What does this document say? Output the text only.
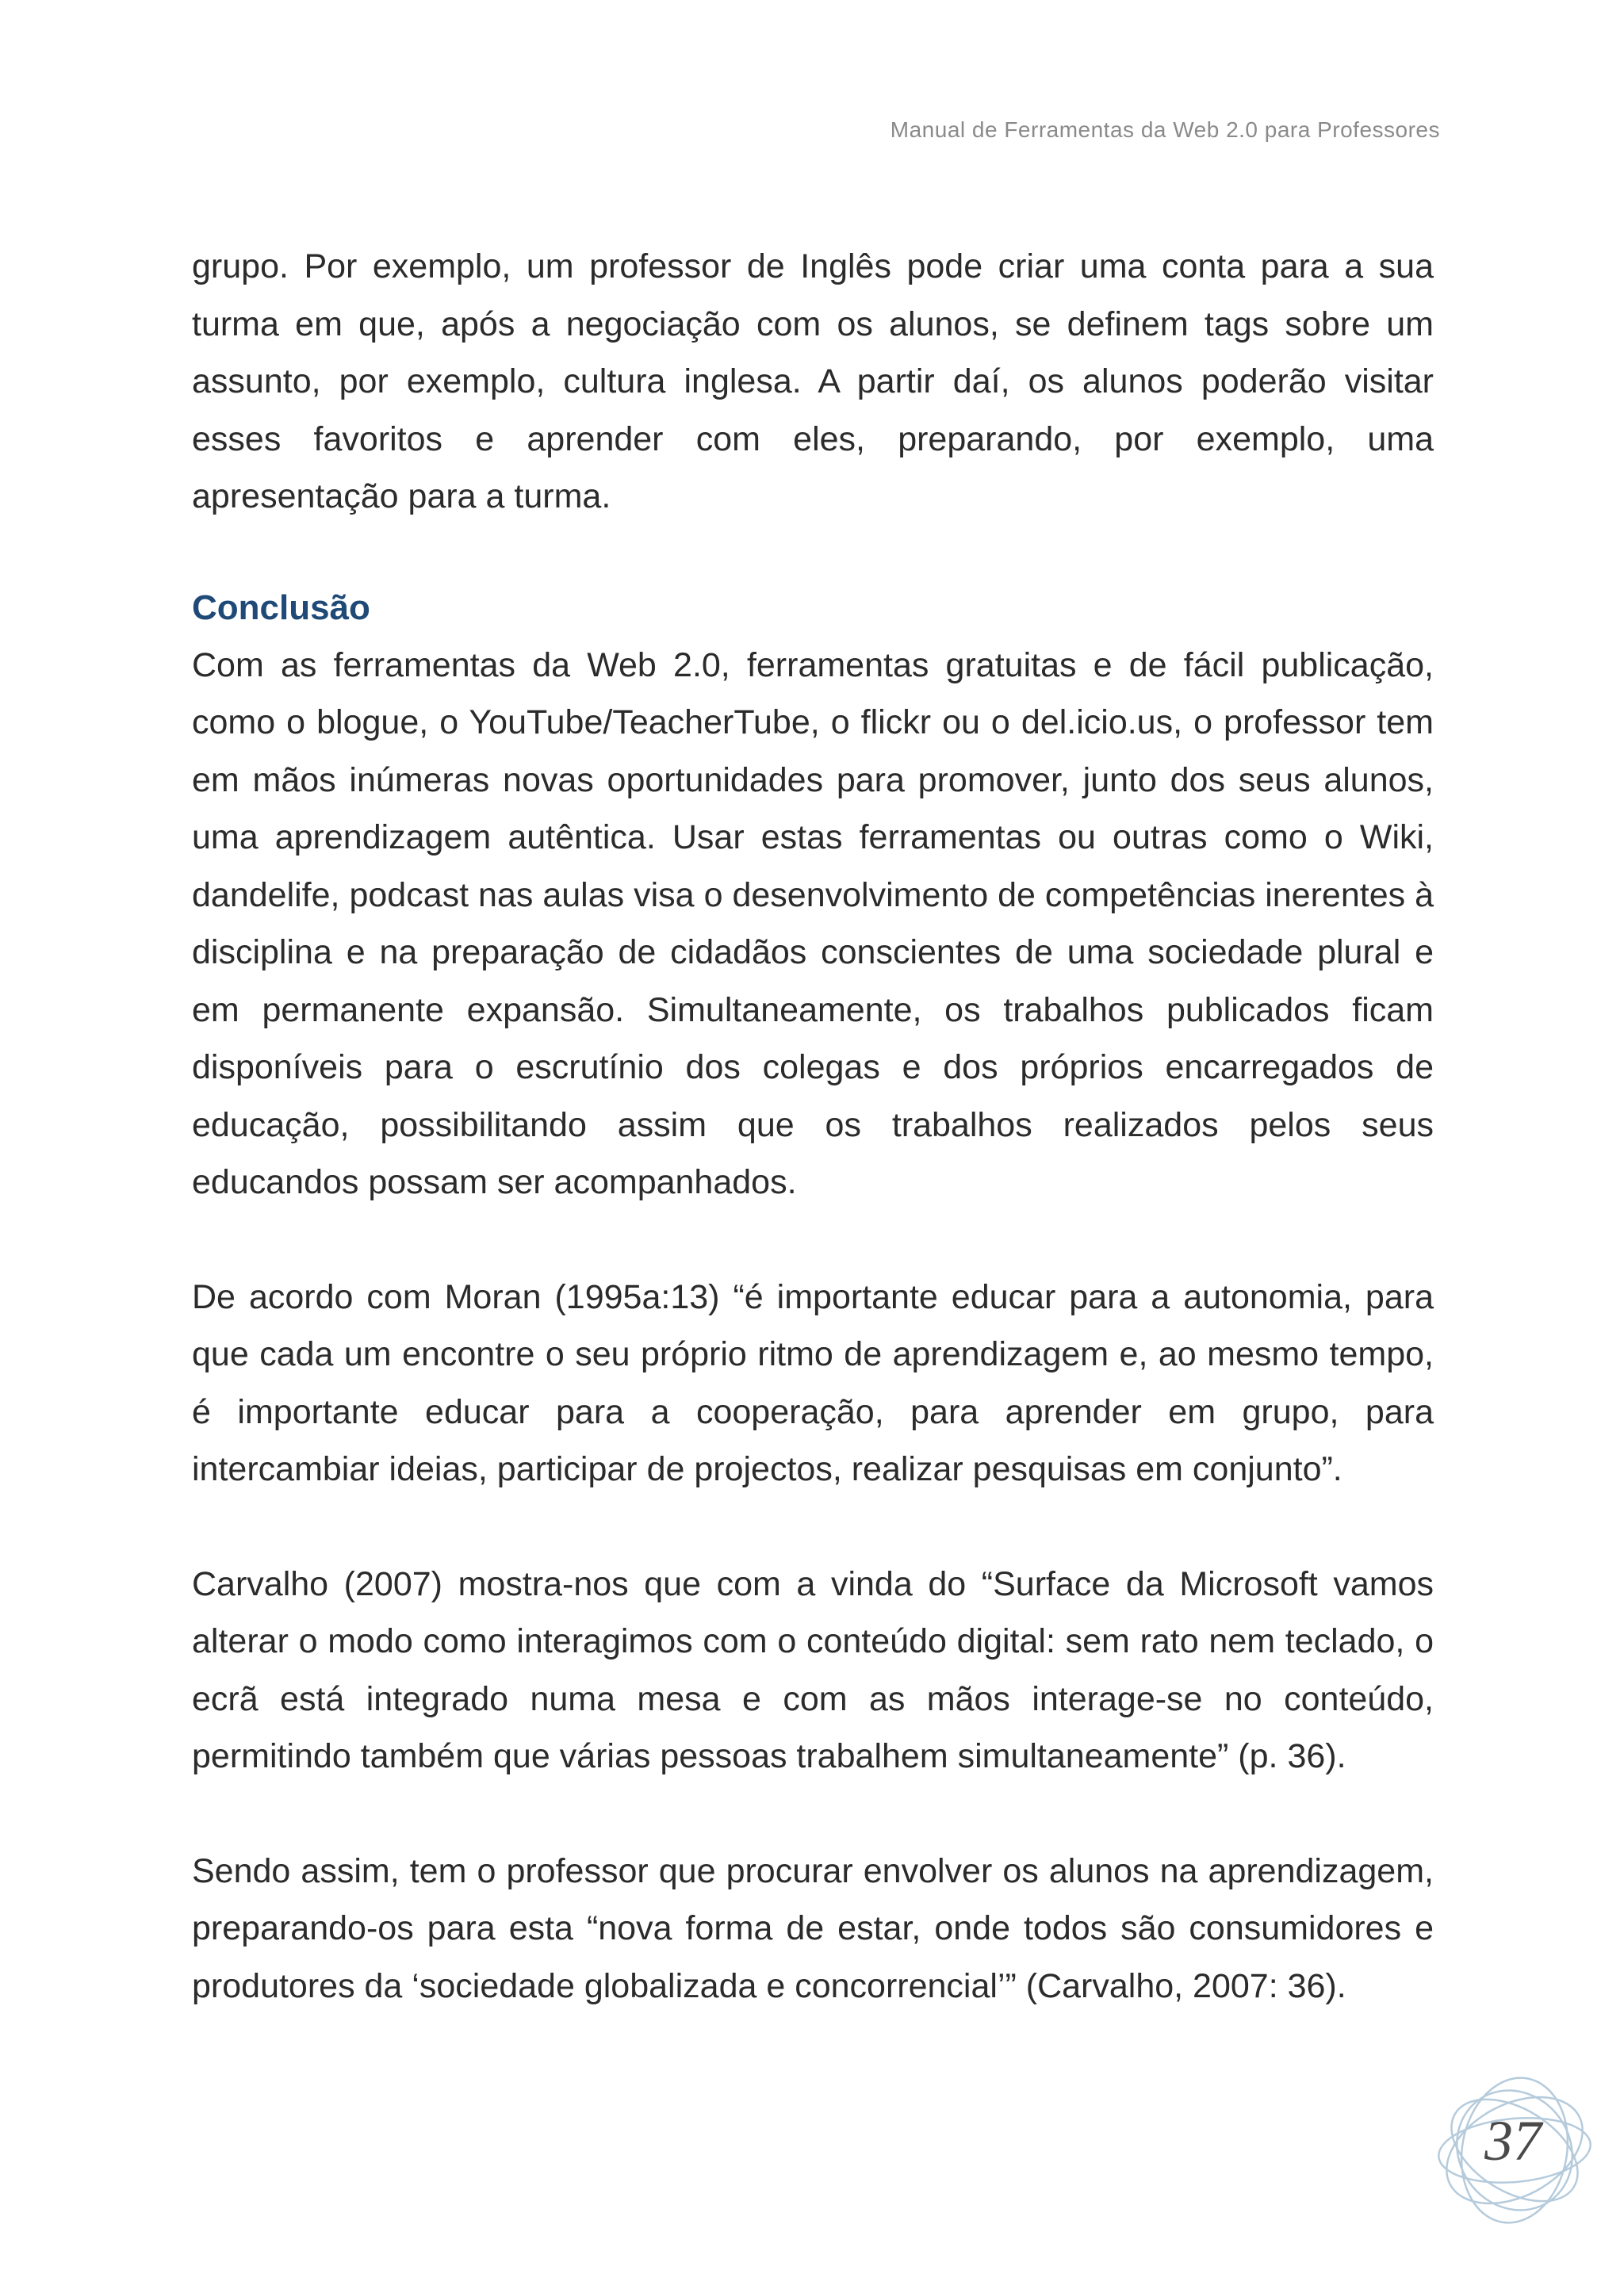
Manual de Ferramentas da Web 2.0 para Professores

grupo. Por exemplo, um professor de Inglês pode criar uma conta para a sua turma em que, após a negociação com os alunos, se definem tags sobre um assunto, por exemplo, cultura inglesa. A partir daí, os alunos poderão visitar esses favoritos e aprender com eles, preparando, por exemplo, uma apresentação para a turma.

Conclusão

Com as ferramentas da Web 2.0, ferramentas gratuitas e de fácil publicação, como o blogue, o YouTube/TeacherTube, o flickr ou o del.icio.us, o professor tem em mãos inúmeras novas oportunidades para promover, junto dos seus alunos, uma aprendizagem autêntica. Usar estas ferramentas ou outras como o Wiki, dandelife, podcast nas aulas visa o desenvolvimento de competências inerentes à disciplina e na preparação de cidadãos conscientes de uma sociedade plural e em permanente expansão. Simultaneamente, os trabalhos publicados ficam disponíveis para o escrutínio dos colegas e dos próprios encarregados de educação, possibilitando assim que os trabalhos realizados pelos seus educandos possam ser acompanhados.

De acordo com Moran (1995a:13) “é importante educar para a autonomia, para que cada um encontre o seu próprio ritmo de aprendizagem e, ao mesmo tempo, é importante educar para a cooperação, para aprender em grupo, para intercambiar ideias, participar de projectos, realizar pesquisas em conjunto”.

Carvalho (2007) mostra-nos que com a vinda do “Surface da Microsoft vamos alterar o modo como interagimos com o conteúdo digital: sem rato nem teclado, o ecrã está integrado numa mesa e com as mãos interage-se no conteúdo, permitindo também que várias pessoas trabalhem simultaneamente” (p. 36).

Sendo assim, tem o professor que procurar envolver os alunos na aprendizagem, preparando-os para esta “nova forma de estar, onde todos são consumidores e produtores da ‘sociedade globalizada e concorrencial’” (Carvalho, 2007: 36).

37
